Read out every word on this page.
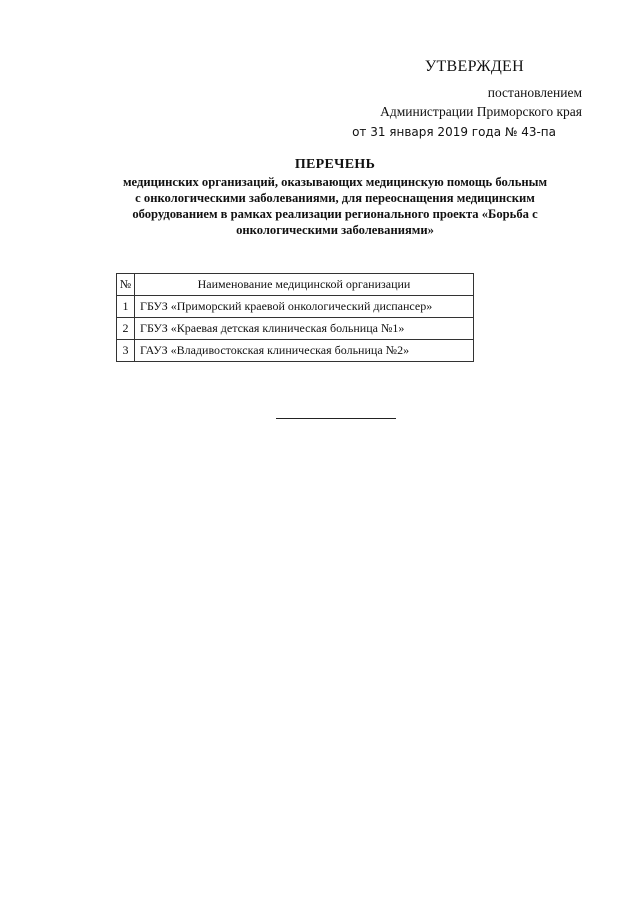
УТВЕРЖДЕН
постановлением
Администрации Приморского края
от 31 января 2019 года № 43-па
ПЕРЕЧЕНЬ
медицинских организаций, оказывающих медицинскую помощь больным
с онкологическими заболеваниями, для переоснащения медицинским
оборудованием в рамках реализации регионального проекта «Борьба с
онкологическими заболеваниями»
№	Наименование медицинской организации
1	ГБУЗ «Приморский краевой онкологический диспансер»
2	ГБУЗ «Краевая детская клиническая больница №1»
3	ГАУЗ «Владивостокская клиническая больница №2»
